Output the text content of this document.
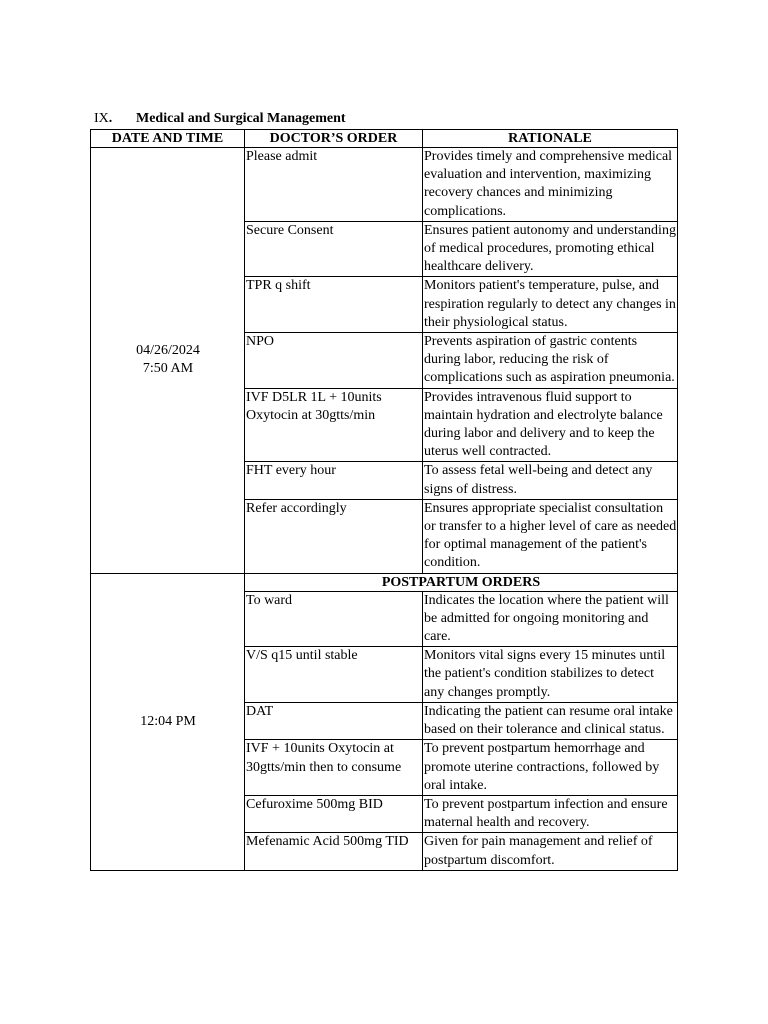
IX. Medical and Surgical Management
DATE AND TIME	DOCTOR’S ORDER	RATIONALE

04/26/2024
7:50 AM	Please admit	Provides timely and comprehensive medical evaluation and intervention, maximizing recovery chances and minimizing complications.
	Secure Consent	Ensures patient autonomy and understanding of medical procedures, promoting ethical healthcare delivery.
	TPR q shift	Monitors patient's temperature, pulse, and respiration regularly to detect any changes in their physiological status.
	NPO	Prevents aspiration of gastric contents during labor, reducing the risk of complications such as aspiration pneumonia.
	IVF D5LR 1L + 10units Oxytocin at 30gtts/min	Provides intravenous fluid support to maintain hydration and electrolyte balance during labor and delivery and to keep the uterus well contracted.
	FHT every hour	To assess fetal well-being and detect any signs of distress.
	Refer accordingly	Ensures appropriate specialist consultation or transfer to a higher level of care as needed for optimal management of the patient's condition.

12:04 PM	POSTPARTUM ORDERS	
	To ward	Indicates the location where the patient will be admitted for ongoing monitoring and care.
	V/S q15 until stable	Monitors vital signs every 15 minutes until the patient's condition stabilizes to detect any changes promptly.
	DAT	Indicating the patient can resume oral intake based on their tolerance and clinical status.
	IVF + 10units Oxytocin at 30gtts/min then to consume	To prevent postpartum hemorrhage and promote uterine contractions, followed by oral intake.
	Cefuroxime 500mg BID	To prevent postpartum infection and ensure maternal health and recovery.
	Mefenamic Acid 500mg TID	Given for pain management and relief of postpartum discomfort.
